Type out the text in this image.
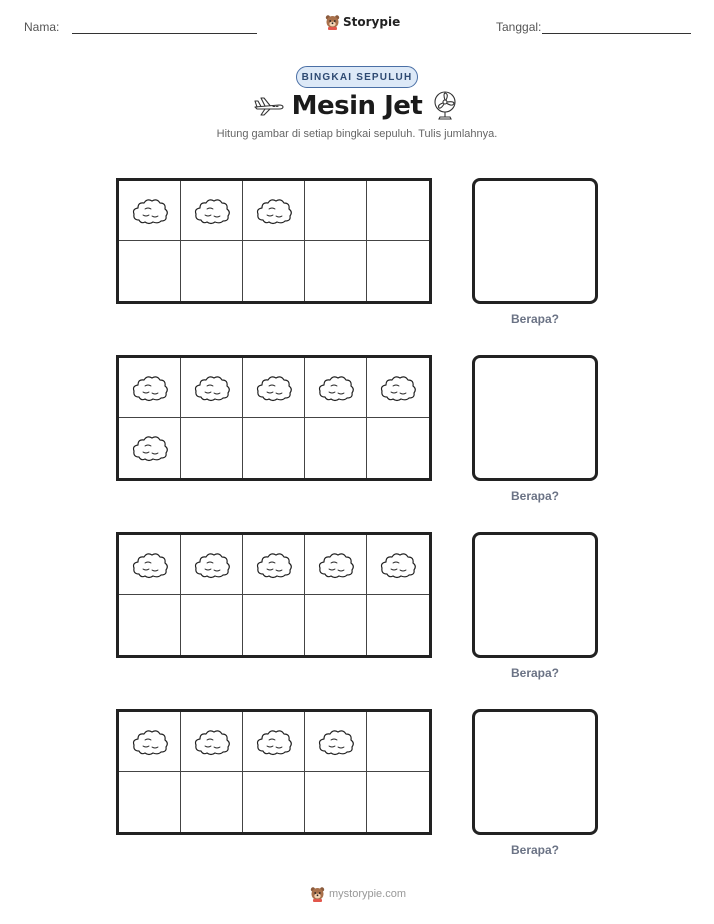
Nama:	Storypie	Tanggal:
BINGKAI SEPULUH
Mesin Jet
Hitung gambar di setiap bingkai sepuluh. Tulis jumlahnya.
Berapa?
Berapa?
Berapa?
Berapa?
mystorypie.com
